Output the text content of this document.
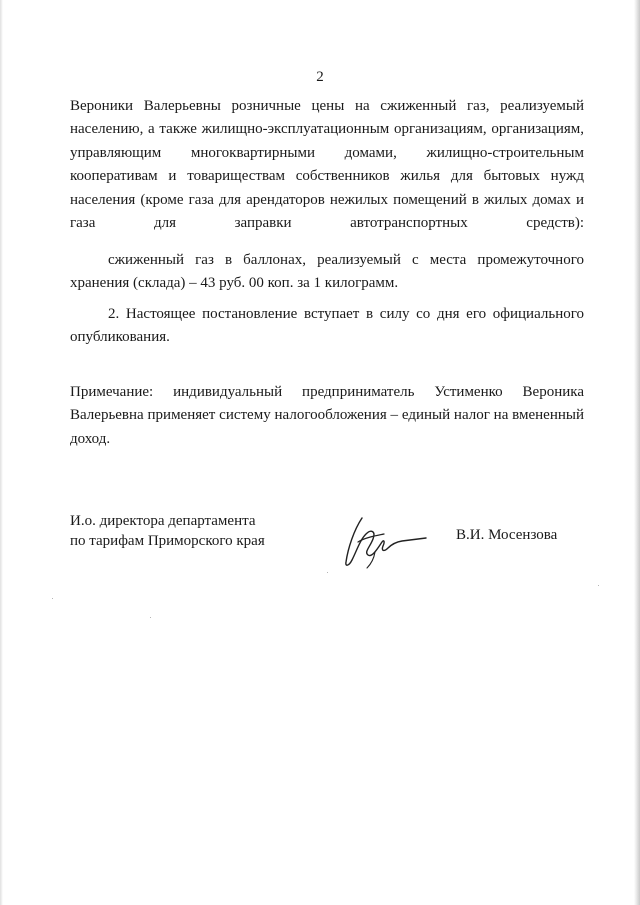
2
Вероники Валерьевны розничные цены на сжиженный газ, реализуемый населению, а также жилищно-эксплуатационным организациям, организациям, управляющим многоквартирными домами, жилищно-строительным кооперативам и товариществам собственников жилья для бытовых нужд населения (кроме газа для арендаторов нежилых помещений в жилых домах и газа для заправки автотранспортных средств):
сжиженный газ в баллонах, реализуемый с места промежуточного хранения (склада) – 43 руб. 00 коп. за 1 килограмм.
2. Настоящее постановление вступает в силу со дня его официального опубликования.
Примечание: индивидуальный предприниматель Устименко Вероника Валерьевна применяет систему налогообложения – единый налог на вмененный доход.
И.о. директора департамента
по тарифам Приморского края	В.И. Мосензова
